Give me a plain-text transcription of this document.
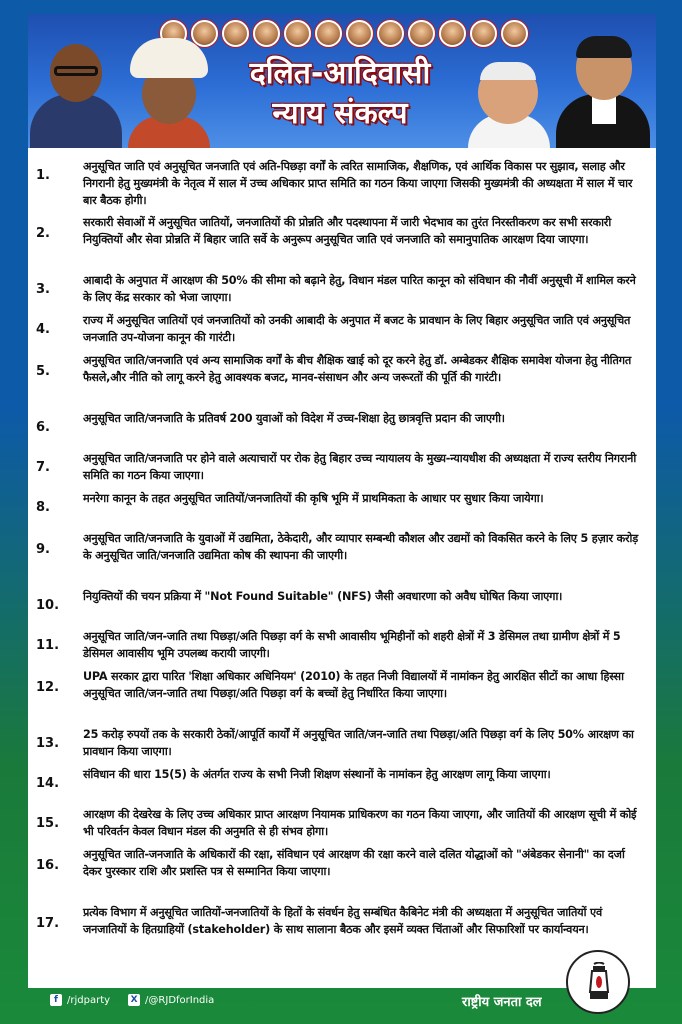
दलित-आदिवासी
न्याय संकल्प
1.
अनुसूचित जाति एवं अनुसूचित जनजाति एवं अति-पिछड़ा वर्गों के त्वरित सामाजिक, शैक्षणिक, एवं आर्थिक विकास पर सुझाव, सलाह और निगरानी हेतु मुख्यमंत्री के नेतृत्व में साल में उच्च अधिकार प्राप्त समिति का गठन किया जाएगा जिसकी मुख्यमंत्री की अध्यक्षता में साल में चार बार बैठक होगी।
2.
सरकारी सेवाओं में अनुसूचित जातियों, जनजातियों की प्रोन्नति और पदस्थापना में जारी भेदभाव का तुरंत निरस्तीकरण कर सभी सरकारी नियुक्तियों और सेवा प्रोन्नति में बिहार जाति सर्वे के अनुरूप अनुसूचित जाति एवं जनजाति को समानुपातिक आरक्षण दिया जाएगा।
3.
आबादी के अनुपात में आरक्षण की 50% की सीमा को बढ़ाने हेतु, विधान मंडल पारित कानून को संविधान की नौवीं अनुसूची में शामिल करने के लिए केंद्र सरकार को भेजा जाएगा।
4.
राज्य में अनुसूचित जातियों एवं जनजातियों को उनकी आबादी के अनुपात में बजट के प्रावधान के लिए बिहार अनुसूचित जाति एवं अनुसूचित जनजाति उप-योजना कानून की गारंटी।
5.
अनुसूचित जाति/जनजाति एवं अन्य सामाजिक वर्गों के बीच शैक्षिक खाई को दूर करने हेतु डॉ. अम्बेडकर शैक्षिक समावेश योजना हेतु नीतिगत फैसले,और नीति को लागू करने हेतु आवश्यक बजट, मानव-संसाधन और अन्य जरूरतों की पूर्ति की गारंटी।
6.
अनुसूचित जाति/जनजाति के प्रतिवर्ष 200 युवाओं को विदेश में उच्च-शिक्षा हेतु छात्रवृत्ति प्रदान की जाएगी।
7.
अनुसूचित जाति/जनजाति पर होने वाले अत्याचारों पर रोक हेतु बिहार उच्च न्यायालय के मुख्य-न्यायधीश की अध्यक्षता में राज्य स्तरीय निगरानी समिति का गठन किया जाएगा।
8.
मनरेगा कानून के तहत अनुसूचित जातियों/जनजातियों की कृषि भूमि में प्राथमिकता के आधार पर सुधार किया जायेगा।
9.
अनुसूचित जाति/जनजाति के युवाओं में उद्यमिता, ठेकेदारी, और व्यापार सम्बन्धी कौशल और उद्यमों को विकसित करने के लिए 5 हज़ार करोड़ के अनुसूचित जाति/जनजाति उद्यमिता कोष की स्थापना की जाएगी।
10.
नियुक्तियों की चयन प्रक्रिया में "Not Found Suitable" (NFS) जैसी अवधारणा को अवैध घोषित किया जाएगा।
11.
अनुसूचित जाति/जन-जाति तथा पिछड़ा/अति पिछड़ा वर्ग के सभी आवासीय भूमिहीनों को शहरी क्षेत्रों में 3 डेसिमल तथा ग्रामीण क्षेत्रों में 5 डेसिमल आवासीय भूमि उपलब्ध करायी जाएगी।
12.
UPA सरकार द्वारा पारित 'शिक्षा अधिकार अधिनियम' (2010) के तहत निजी विद्यालयों में नामांकन हेतु आरक्षित सीटों का आधा हिस्सा अनुसूचित जाति/जन-जाति तथा पिछड़ा/अति पिछड़ा वर्ग के बच्चों हेतु निर्धारित किया जाएगा।
13.
25 करोड़ रुपयों तक के सरकारी ठेकों/आपूर्ति कार्यों में अनुसूचित जाति/जन-जाति तथा पिछड़ा/अति पिछड़ा वर्ग के लिए 50% आरक्षण का प्रावधान किया जाएगा।
14.
संविधान की धारा 15(5) के अंतर्गत राज्य के सभी निजी शिक्षण संस्थानों के नामांकन हेतु आरक्षण लागू किया जाएगा।
15.
आरक्षण की देखरेख के लिए उच्च अधिकार प्राप्त आरक्षण नियामक प्राधिकरण का गठन किया जाएगा, और जातियों की आरक्षण सूची में कोई भी परिवर्तन केवल विधान मंडल की अनुमति से ही संभव होगा।
16.
अनुसूचित जाति-जनजाति के अधिकारों की रक्षा, संविधान एवं आरक्षण की रक्षा करने वाले दलित योद्धाओं को "अंबेडकर सेनानी" का दर्जा देकर पुरस्कार राशि और प्रशस्ति पत्र से सम्मानित किया जाएगा।
17.
प्रत्येक विभाग में अनुसूचित जातियों-जनजातियों के हितों के संवर्धन हेतु सम्बंधित कैबिनेट मंत्री की अध्यक्षता में अनुसूचित जातियों एवं जनजातियों के हितग्राहियों (stakeholder) के साथ सालाना बैठक और इसमें व्यक्त चिंताओं और सिफारिशों पर कार्यान्वयन।
f /rjdparty X /@RJDforIndia	राष्ट्रीय जनता दल
